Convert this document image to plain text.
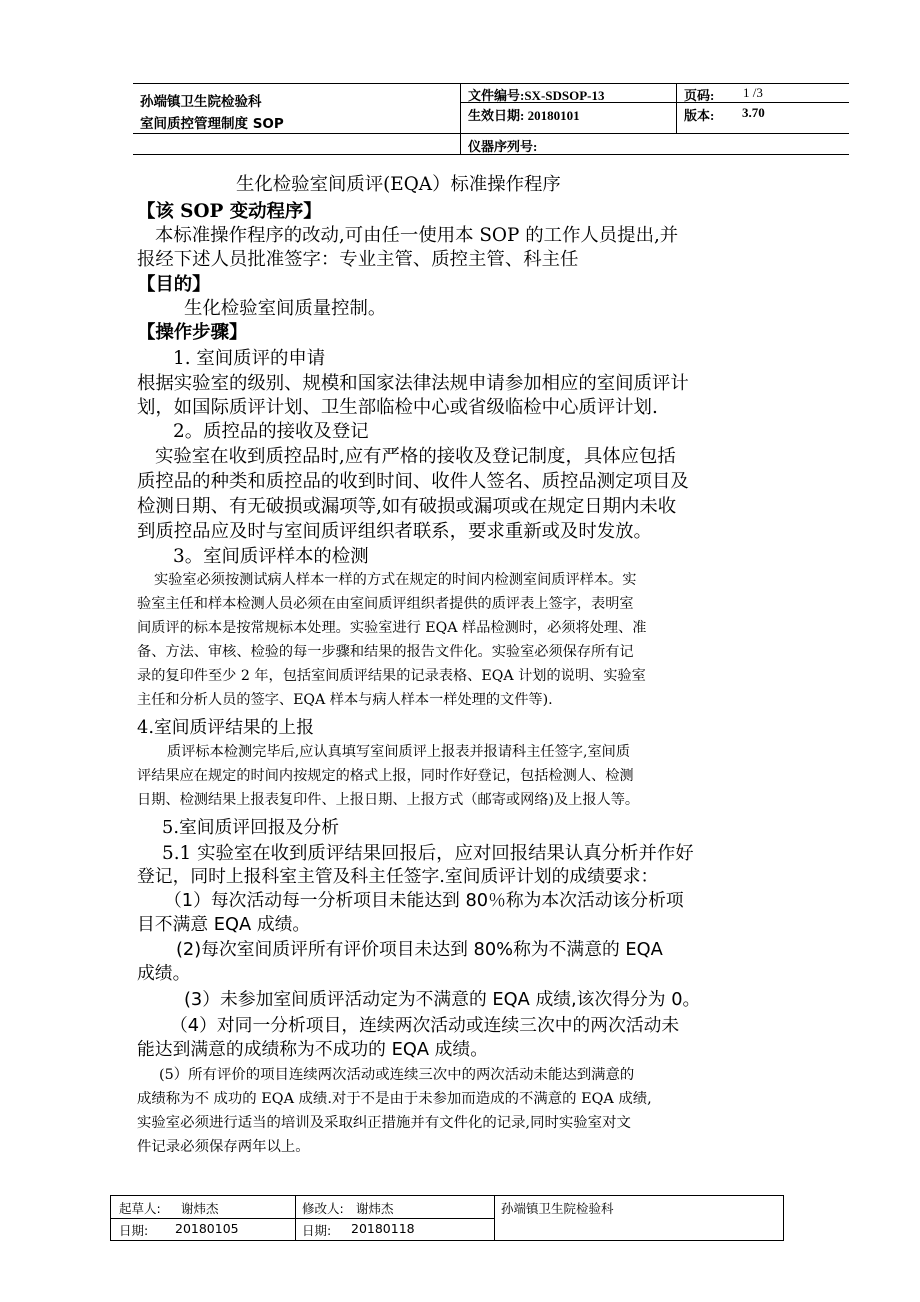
孙端镇卫生院检验科
室间质控管理制度 SOP
文件编号:SX-SDSOP-13
生效日期: 20180101
仪器序列号:
页码: 1 /3
版本: 3.70
生化检验室间质评(EQA）标准操作程序
【该 SOP 变动程序】
本标准操作程序的改动,可由任一使用本 SOP 的工作人员提出,并
报经下述人员批准签字：专业主管、质控主管、科主任
【目的】
生化检验室间质量控制。
【操作步骤】
1. 室间质评的申请
根据实验室的级别、规模和国家法律法规申请参加相应的室间质评计
划，如国际质评计划、卫生部临检中心或省级临检中心质评计划.
2。质控品的接收及登记
实验室在收到质控品时,应有严格的接收及登记制度，具体应包括
质控品的种类和质控品的收到时间、收件人签名、质控品测定项目及
检测日期、有无破损或漏项等,如有破损或漏项或在规定日期内未收
到质控品应及时与室间质评组织者联系，要求重新或及时发放。
3。室间质评样本的检测
实验室必须按测试病人样本一样的方式在规定的时间内检测室间质评样本。实
验室主任和样本检测人员必须在由室间质评组织者提供的质评表上签字，表明室
间质评的标本是按常规标本处理。实验室进行 EQA 样品检测时，必须将处理、准
备、方法、审核、检验的每一步骤和结果的报告文件化。实验室必须保存所有记
录的复印件至少 2 年，包括室间质评结果的记录表格、EQA 计划的说明、实验室
主任和分析人员的签字、EQA 样本与病人样本一样处理的文件等).
4.室间质评结果的上报
质评标本检测完毕后,应认真填写室间质评上报表并报请科主任签字,室间质
评结果应在规定的时间内按规定的格式上报，同时作好登记，包括检测人、检测
日期、检测结果上报表复印件、上报日期、上报方式（邮寄或网络)及上报人等。
5.室间质评回报及分析
5.1 实验室在收到质评结果回报后，应对回报结果认真分析并作好
登记，同时上报科室主管及科主任签字.室间质评计划的成绩要求：
（1）每次活动每一分析项目未能达到 80％称为本次活动该分析项
目不满意 EQA 成绩。
(2)每次室间质评所有评价项目未达到 80%称为不满意的 EQA
成绩。
(3）未参加室间质评活动定为不满意的 EQA 成绩,该次得分为 0。
（4）对同一分析项目，连续两次活动或连续三次中的两次活动未
能达到满意的成绩称为不成功的 EQA 成绩。
(5）所有评价的项目连续两次活动或连续三次中的两次活动未能达到满意的
成绩称为不 成功的 EQA 成绩.对于不是由于未参加而造成的不满意的 EQA 成绩,
实验室必须进行适当的培训及采取纠正措施并有文件化的记录,同时实验室对文
件记录必须保存两年以上。
起草人: 谢炜杰
日期: 20180105
修改人: 谢炜杰
日期: 20180118
孙端镇卫生院检验科
